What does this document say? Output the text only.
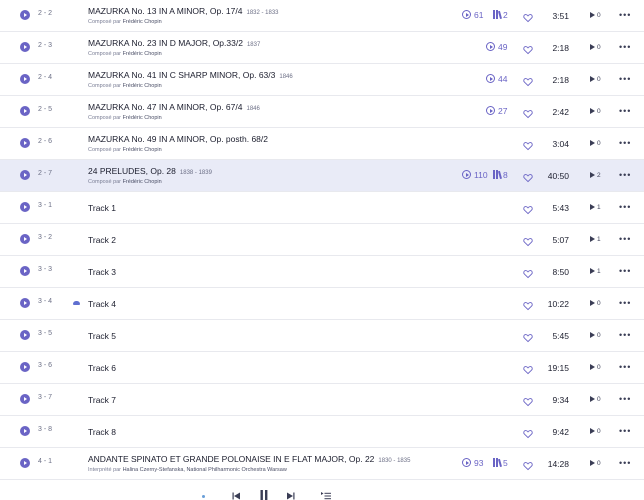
2 - 2	MAZURKA No. 13 IN A MINOR, Op. 17/4 1832 - 1833
Composé par Frédéric Chopin
61 2	3:51	0 •••
2 - 3	MAZURKA No. 23 IN D MAJOR, Op.33/2 1837
Composé par Frédéric Chopin
49	2:18	0 •••
2 - 4	MAZURKA No. 41 IN C SHARP MINOR, Op. 63/3 1846
Composé par Frédéric Chopin
44	2:18	0 •••
2 - 5	MAZURKA No. 47 IN A MINOR, Op. 67/4 1846
Composé par Frédéric Chopin
27	2:42	0 •••
2 - 6	MAZURKA No. 49 IN A MINOR, Op. posth. 68/2
Composé par Frédéric Chopin
3:04	0 •••
2 - 7	24 PRELUDES, Op. 28 1838 - 1839
Composé par Frédéric Chopin
110 8	40:50	2 •••
3 - 1	Track 1	5:43	1 •••
3 - 2	Track 2	5:07	1 •••
3 - 3	Track 3	8:50	1 •••
3 - 4	Track 4	10:22	0 •••
3 - 5	Track 5	5:45	0 •••
3 - 6	Track 6	19:15	0 •••
3 - 7	Track 7	9:34	0 •••
3 - 8	Track 8	9:42	0 •••
4 - 1	ANDANTE SPINATO ET GRANDE POLONAISE IN E FLAT MAJOR, Op. 22 1830 - 1835
Interprété par Halina Czerny-Stefanska, National Philharmonic Orchestra Warsaw
93 5	14:28	0 •••
